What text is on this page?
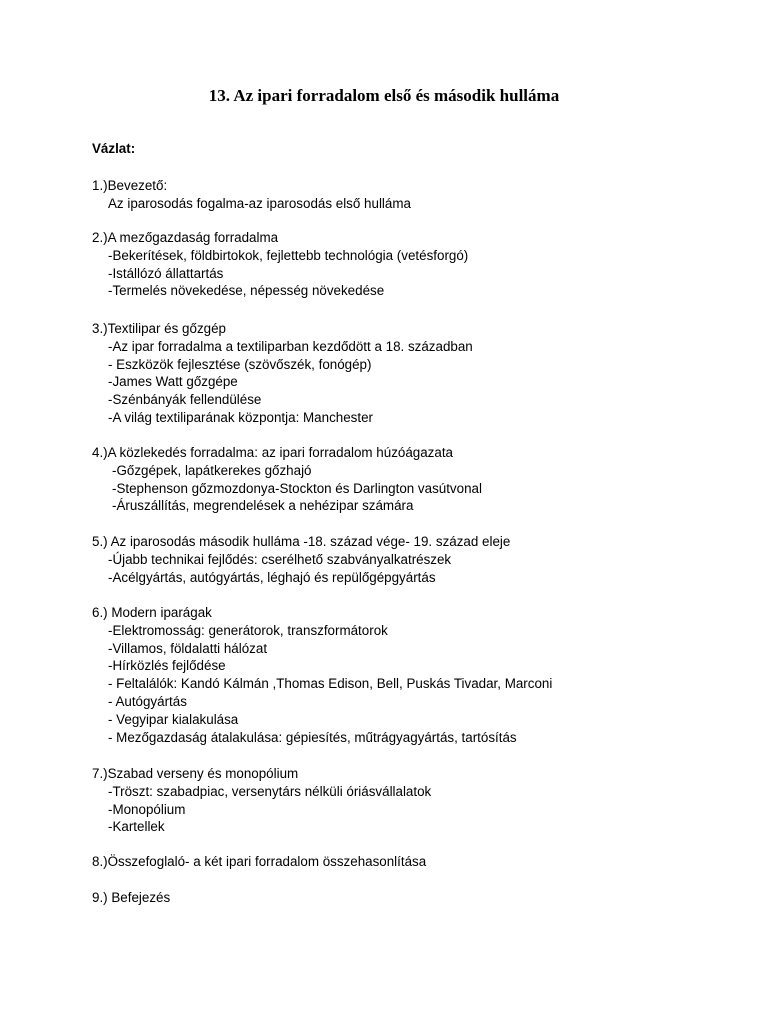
13. Az ipari forradalom első és második hulláma
Vázlat:
1.)Bevezető:
Az iparosodás fogalma-az iparosodás első hulláma
2.)A mezőgazdaság forradalma
-Bekerítések, földbirtokok, fejlettebb technológia (vetésforgó)
-Istállózó állattartás
-Termelés növekedése, népesség növekedése
3.)Textilipar és gőzgép
-Az ipar forradalma a textiliparban kezdődött a 18. században
- Eszközök fejlesztése (szövőszék, fonógép)
-James Watt gőzgépe
-Szénbányák fellendülése
-A világ textiliparának központja: Manchester
4.)A közlekedés forradalma: az ipari forradalom húzóágazata
-Gőzgépek, lapátkerekes gőzhajó
-Stephenson gőzmozdonya-Stockton és Darlington vasútvonal
-Áruszállítás, megrendelések a nehézipar számára
5.) Az iparosodás második hulláma -18. század vége- 19. század eleje
-Újabb technikai fejlődés: cserélhető szabványalkatrészek
-Acélgyártás, autógyártás, léghajó és repülőgépgyártás
6.) Modern iparágak
-Elektromosság: generátorok, transzformátorok
-Villamos, földalatti hálózat
-Hírközlés fejlődése
- Feltalálók: Kandó Kálmán ,Thomas Edison, Bell, Puskás Tivadar, Marconi
- Autógyártás
- Vegyipar kialakulása
- Mezőgazdaság átalakulása: gépiesítés, műtrágyagyártás, tartósítás
7.)Szabad verseny és monopólium
-Tröszt: szabadpiac, versenytárs nélküli óriásvállalatok
-Monopólium
-Kartellek
8.)Összefoglaló- a két ipari forradalom összehasonlítása
9.) Befejezés
